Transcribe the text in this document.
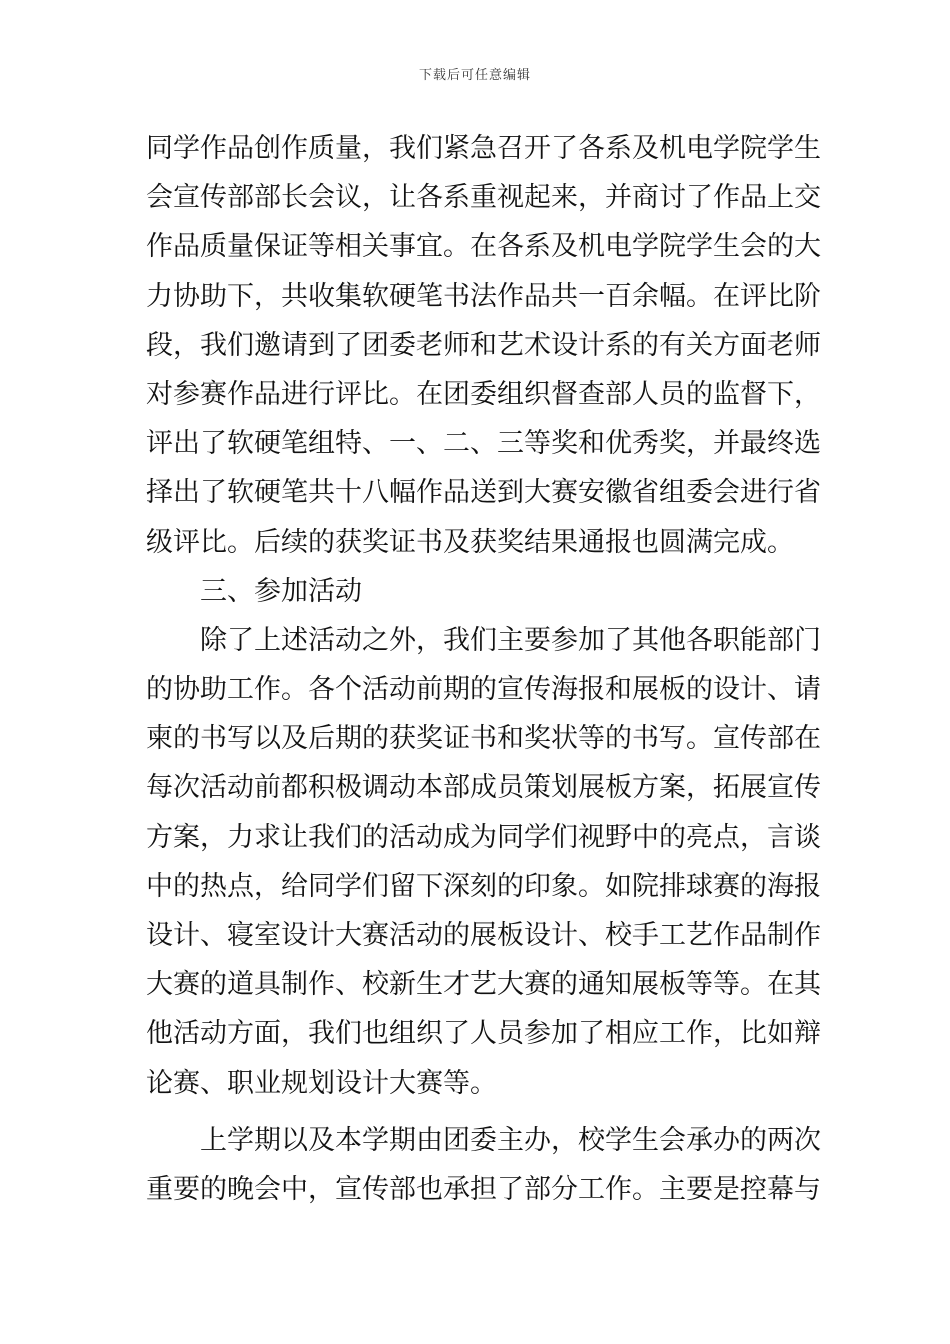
下载后可任意编辑
同学作品创作质量，我们紧急召开了各系及机电学院学生
会宣传部部长会议，让各系重视起来，并商讨了作品上交
作品质量保证等相关事宜。在各系及机电学院学生会的大
力协助下，共收集软硬笔书法作品共一百余幅。在评比阶
段，我们邀请到了团委老师和艺术设计系的有关方面老师
对参赛作品进行评比。在团委组织督查部人员的监督下，
评出了软硬笔组特、一、二、三等奖和优秀奖，并最终选
择出了软硬笔共十八幅作品送到大赛安徽省组委会进行省
级评比。后续的获奖证书及获奖结果通报也圆满完成。
三、参加活动
除了上述活动之外，我们主要参加了其他各职能部门
的协助工作。各个活动前期的宣传海报和展板的设计、请
柬的书写以及后期的获奖证书和奖状等的书写。宣传部在
每次活动前都积极调动本部成员策划展板方案，拓展宣传
方案，力求让我们的活动成为同学们视野中的亮点，言谈
中的热点，给同学们留下深刻的印象。如院排球赛的海报
设计、寝室设计大赛活动的展板设计、校手工艺作品制作
大赛的道具制作、校新生才艺大赛的通知展板等等。在其
他活动方面，我们也组织了人员参加了相应工作，比如辩
论赛、职业规划设计大赛等。
上学期以及本学期由团委主办，校学生会承办的两次
重要的晚会中，宣传部也承担了部分工作。主要是控幕与
